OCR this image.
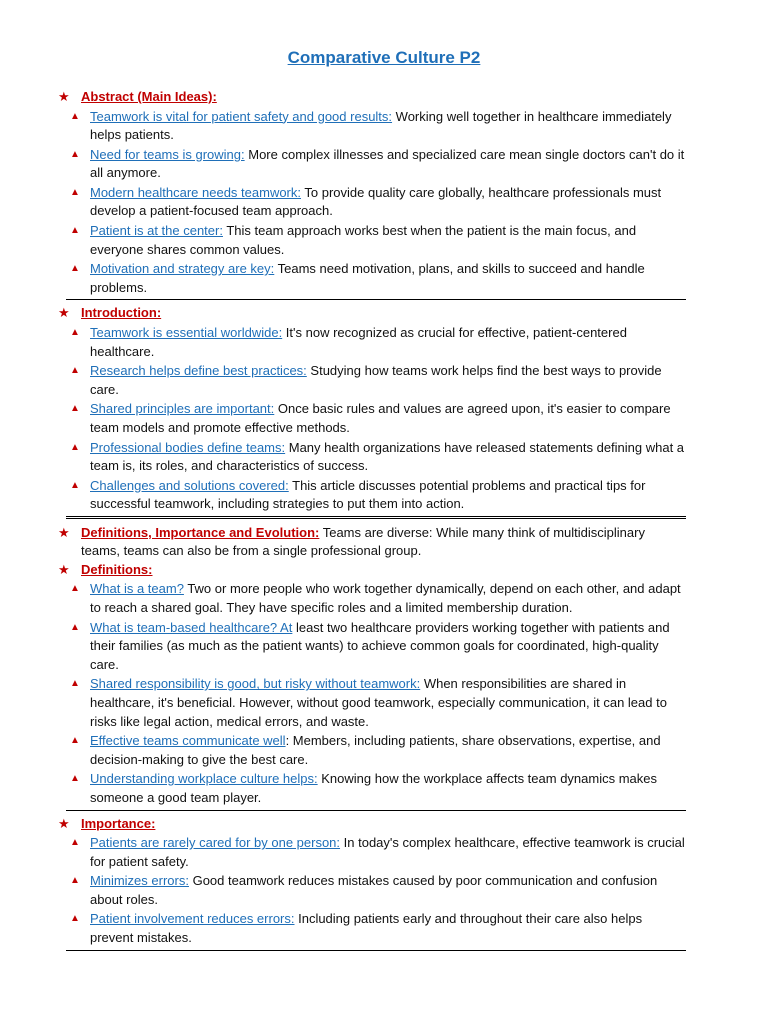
Comparative Culture P2
★ Abstract (Main Ideas):
▲ Teamwork is vital for patient safety and good results: Working well together in healthcare immediately helps patients.
▲ Need for teams is growing: More complex illnesses and specialized care mean single doctors can't do it all anymore.
▲ Modern healthcare needs teamwork: To provide quality care globally, healthcare professionals must develop a patient-focused team approach.
▲ Patient is at the center: This team approach works best when the patient is the main focus, and everyone shares common values.
▲ Motivation and strategy are key: Teams need motivation, plans, and skills to succeed and handle problems.
★ Introduction:
▲ Teamwork is essential worldwide: It's now recognized as crucial for effective, patient-centered healthcare.
▲ Research helps define best practices: Studying how teams work helps find the best ways to provide care.
▲ Shared principles are important: Once basic rules and values are agreed upon, it's easier to compare team models and promote effective methods.
▲ Professional bodies define teams: Many health organizations have released statements defining what a team is, its roles, and characteristics of success.
▲ Challenges and solutions covered: This article discusses potential problems and practical tips for successful teamwork, including strategies to put them into action.
★ Definitions, Importance and Evolution: Teams are diverse: While many think of multidisciplinary teams, teams can also be from a single professional group.
★ Definitions:
▲ What is a team? Two or more people who work together dynamically, depend on each other, and adapt to reach a shared goal. They have specific roles and a limited membership duration.
▲ What is team-based healthcare? At least two healthcare providers working together with patients and their families (as much as the patient wants) to achieve common goals for coordinated, high-quality care.
▲ Shared responsibility is good, but risky without teamwork: When responsibilities are shared in healthcare, it's beneficial. However, without good teamwork, especially communication, it can lead to risks like legal action, medical errors, and waste.
▲ Effective teams communicate well: Members, including patients, share observations, expertise, and decision-making to give the best care.
▲ Understanding workplace culture helps: Knowing how the workplace affects team dynamics makes someone a good team player.
★ Importance:
▲ Patients are rarely cared for by one person: In today's complex healthcare, effective teamwork is crucial for patient safety.
▲ Minimizes errors: Good teamwork reduces mistakes caused by poor communication and confusion about roles.
▲ Patient involvement reduces errors: Including patients early and throughout their care also helps prevent mistakes.
